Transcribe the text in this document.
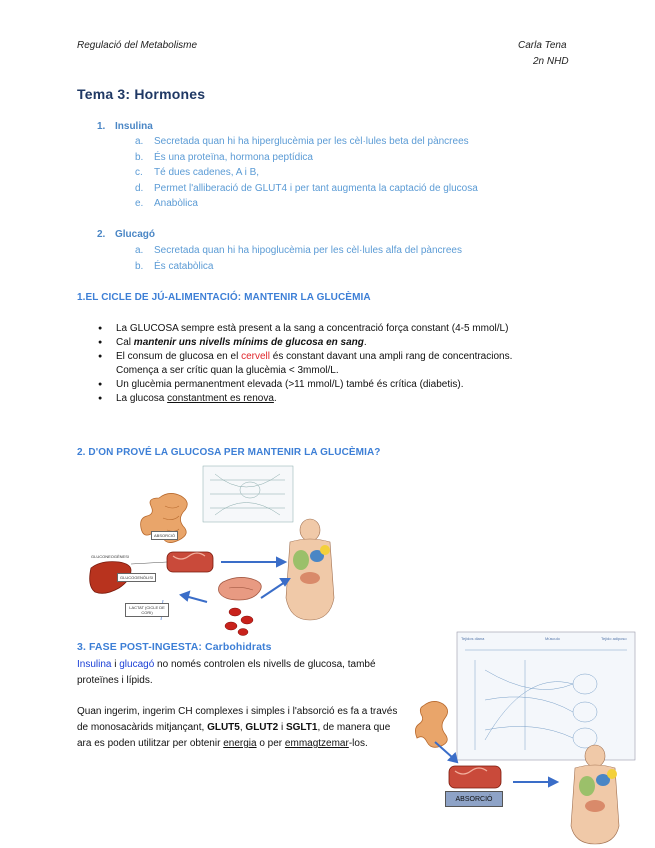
Regulació del Metabolisme	Carla Tena
2n NHD
Tema 3: Hormones
1. Insulina
a. Secretada quan hi ha hiperglucèmia per les cèl·lules beta del pàncrees
b. És una proteïna, hormona peptídica
c. Té dues cadenes, A i B,
d. Permet l'alliberació de GLUT4 i per tant augmenta la captació de glucosa
e. Anabòlica
2. Glucagó
a. Secretada quan hi ha hipoglucèmia per les cèl·lules alfa del pàncrees
b. És catabòlica
1.EL CICLE DE JÚ-ALIMENTACIÓ: MANTENIR LA GLUCÈMIA
● La GLUCOSA sempre està present a la sang a concentració força constant (4-5 mmol/L)
● Cal mantenir uns nivells mínims de glucosa en sang.
● El consum de glucosa en el cervell és constant davant una ampli rang de concentracions. Comença a ser crític quan la glucèmia < 3mmol/L.
● Un glucèmia permanentment elevada (>11 mmol/L) també és crítica (diabetis).
● La glucosa constantment es renova.
2. D'ON PROVÉ LA GLUCOSA PER MANTENIR LA GLUCÈMIA?
ABSORCIÓ
GLUCONEOGÈNESI
GLUCOGENÒLISI
LACTAT (CICLE DE CORI)
3. FASE POST-INGESTA: Carbohidrats
Insulina i glucagó no només controlen els nivells de glucosa, també proteïnes i lípids.
Quan ingerim, ingerim CH complexes i simples i l'absorció es fa a través de monosacàrids mitjançant, GLUT5, GLUT2 i SGLT1, de manera que ara es poden utilitzar per obtenir energia o per emmagtzemar-los.
Tejidos diana	Músculo	Tejido adiposo
ABSORCIÓ
